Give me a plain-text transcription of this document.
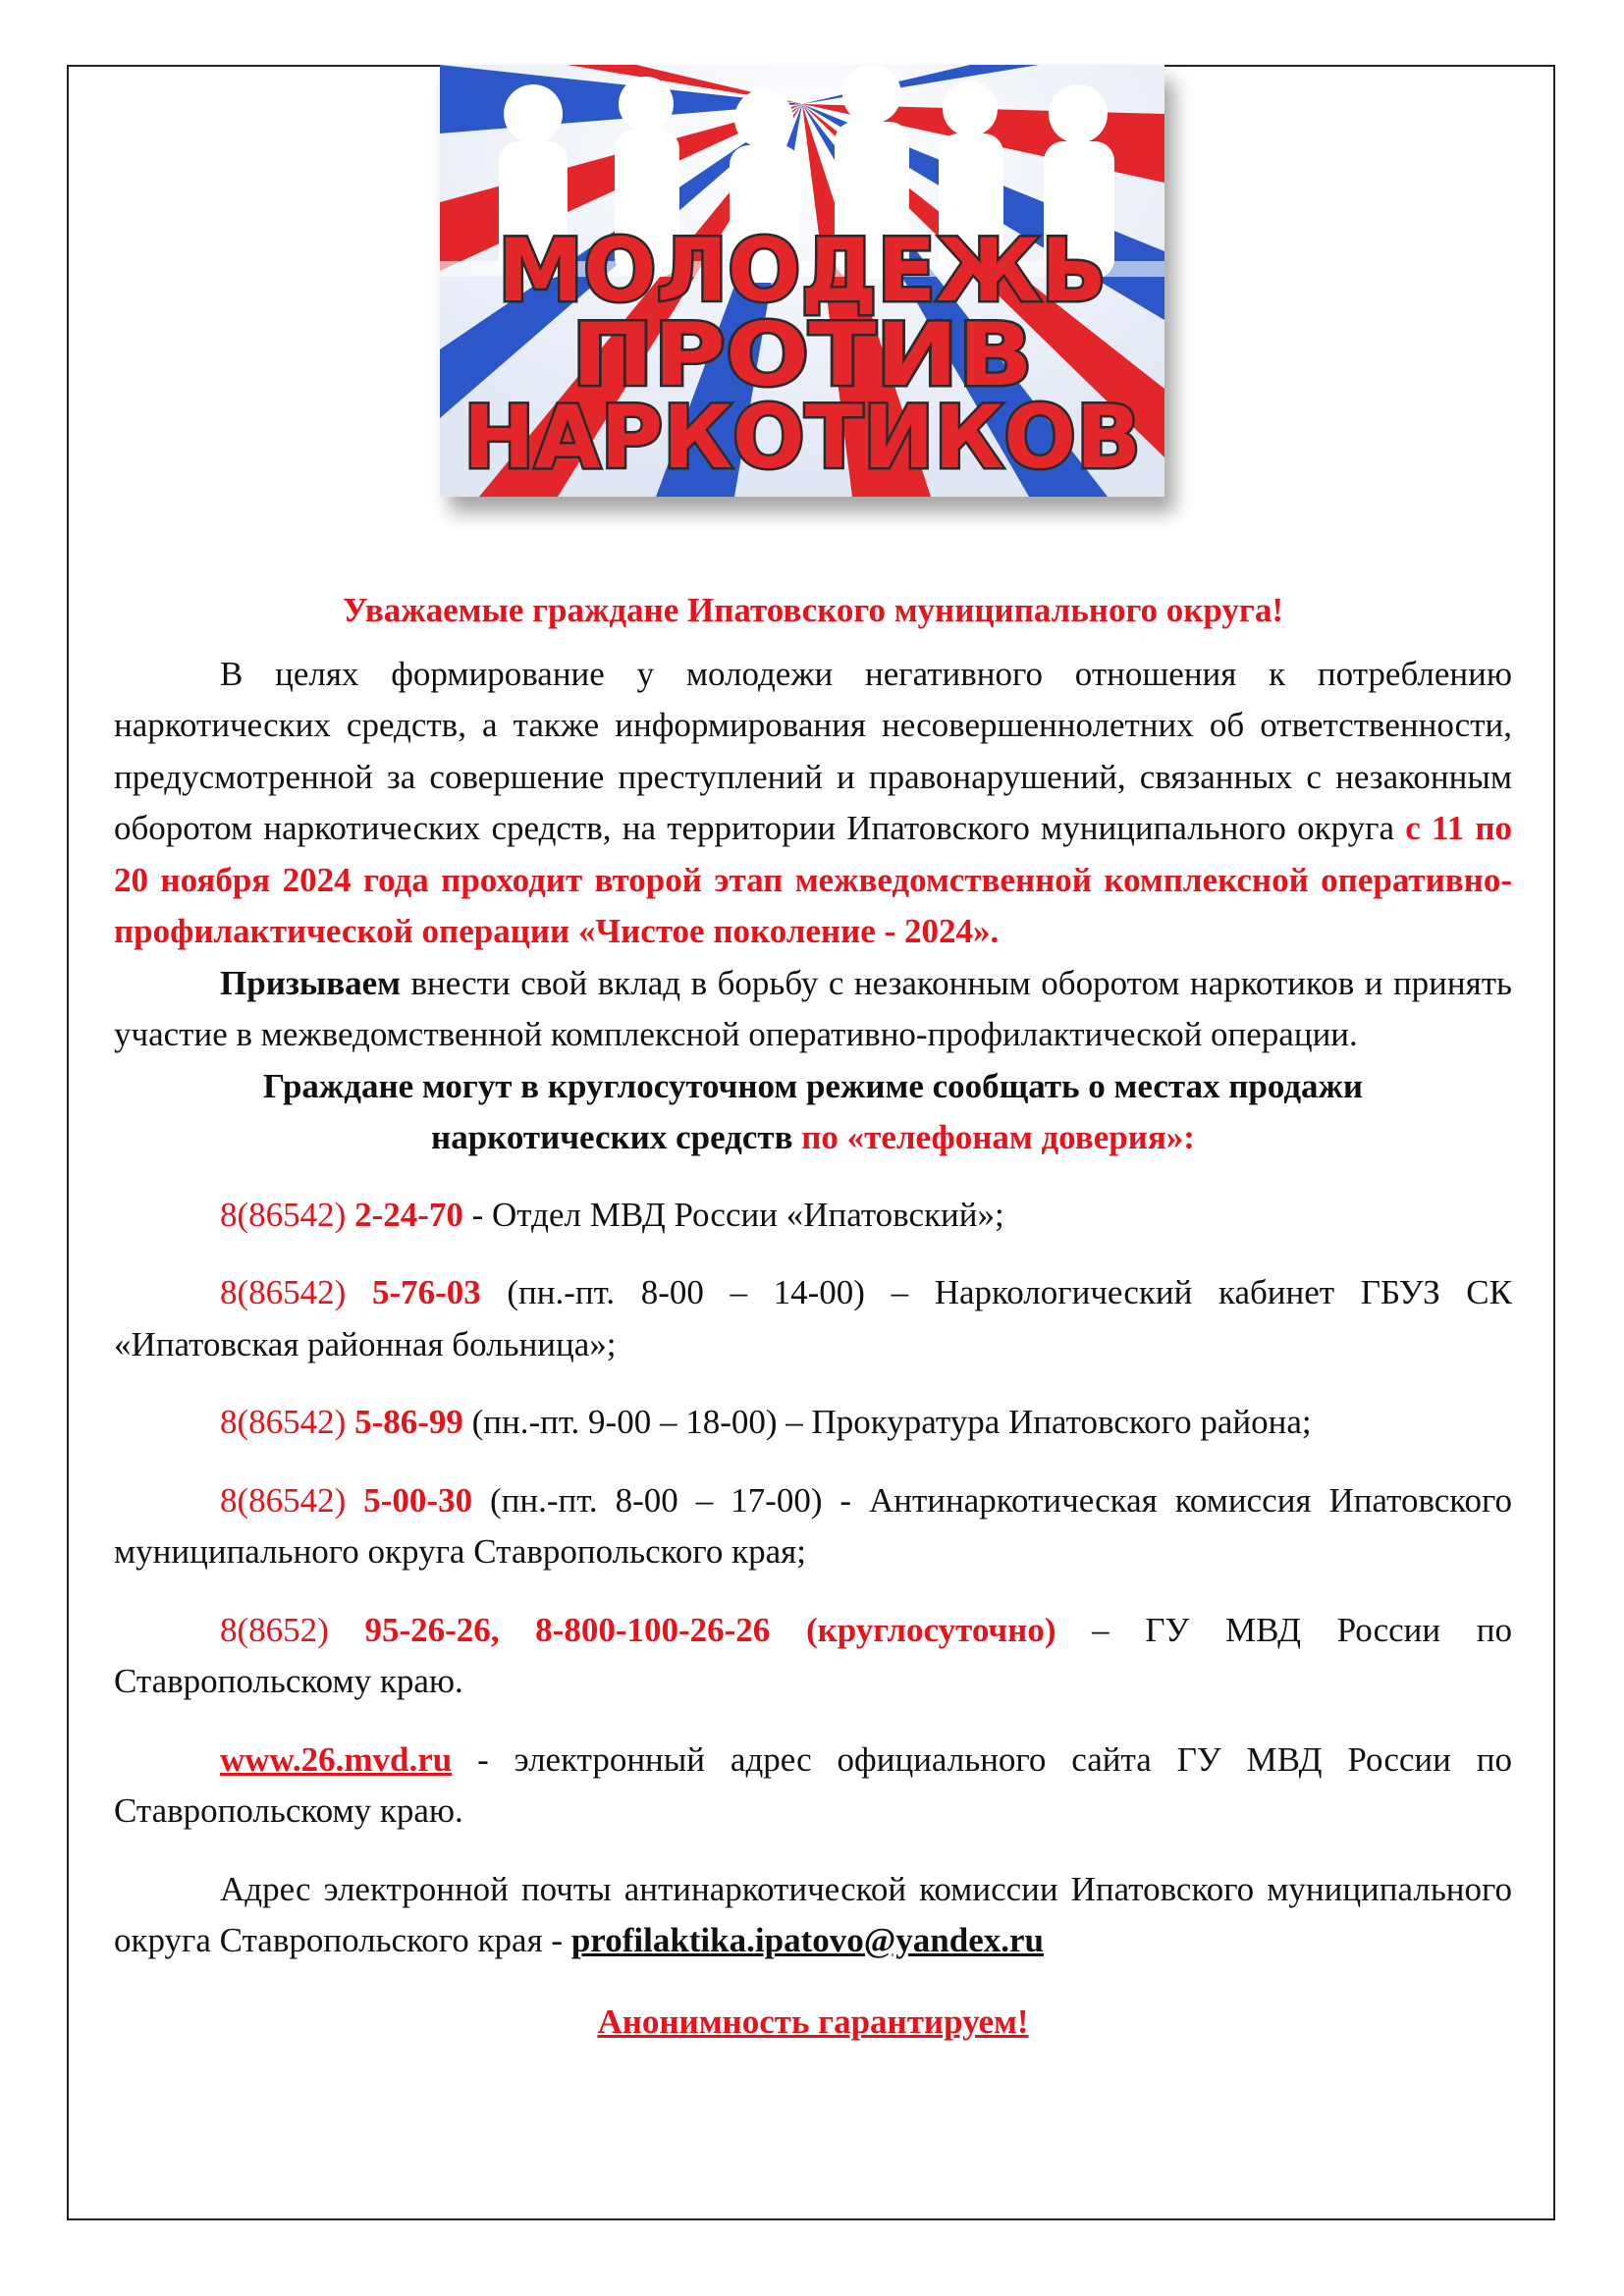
МОЛОДЕЖЬ
ПРОТИВ
НАРКОТИКОВ

Уважаемые граждане Ипатовского муниципального округа!

В целях формирование у молодежи негативного отношения к потреблению наркотических средств, а также информирования несовершеннолетних об ответственности, предусмотренной за совершение преступлений и правонарушений, связанных с незаконным оборотом наркотических средств, на территории Ипатовского муниципального округа с 11 по 20 ноября 2024 года проходит второй этап межведомственной комплексной оперативно-профилактической операции «Чистое поколение - 2024».

Призываем внести свой вклад в борьбу с незаконным оборотом наркотиков и принять участие в межведомственной комплексной оперативно-профилактической операции.

Граждане могут в круглосуточном режиме сообщать о местах продажи наркотических средств по «телефонам доверия»:

8(86542) 2-24-70 - Отдел МВД России «Ипатовский»;

8(86542) 5-76-03 (пн.-пт. 8-00 – 14-00) – Наркологический кабинет ГБУЗ СК «Ипатовская районная больница»;

8(86542) 5-86-99 (пн.-пт. 9-00 – 18-00) – Прокуратура Ипатовского района;

8(86542) 5-00-30 (пн.-пт. 8-00 – 17-00) - Антинаркотическая комиссия Ипатовского муниципального округа Ставропольского края;

8(8652) 95-26-26, 8-800-100-26-26 (круглосуточно) – ГУ МВД России по Ставропольскому краю.

www.26.mvd.ru - электронный адрес официального сайта ГУ МВД России по Ставропольскому краю.

Адрес электронной почты антинаркотической комиссии Ипатовского муниципального округа Ставропольского края - profilaktika.ipatovo@yandex.ru

Анонимность гарантируем!
